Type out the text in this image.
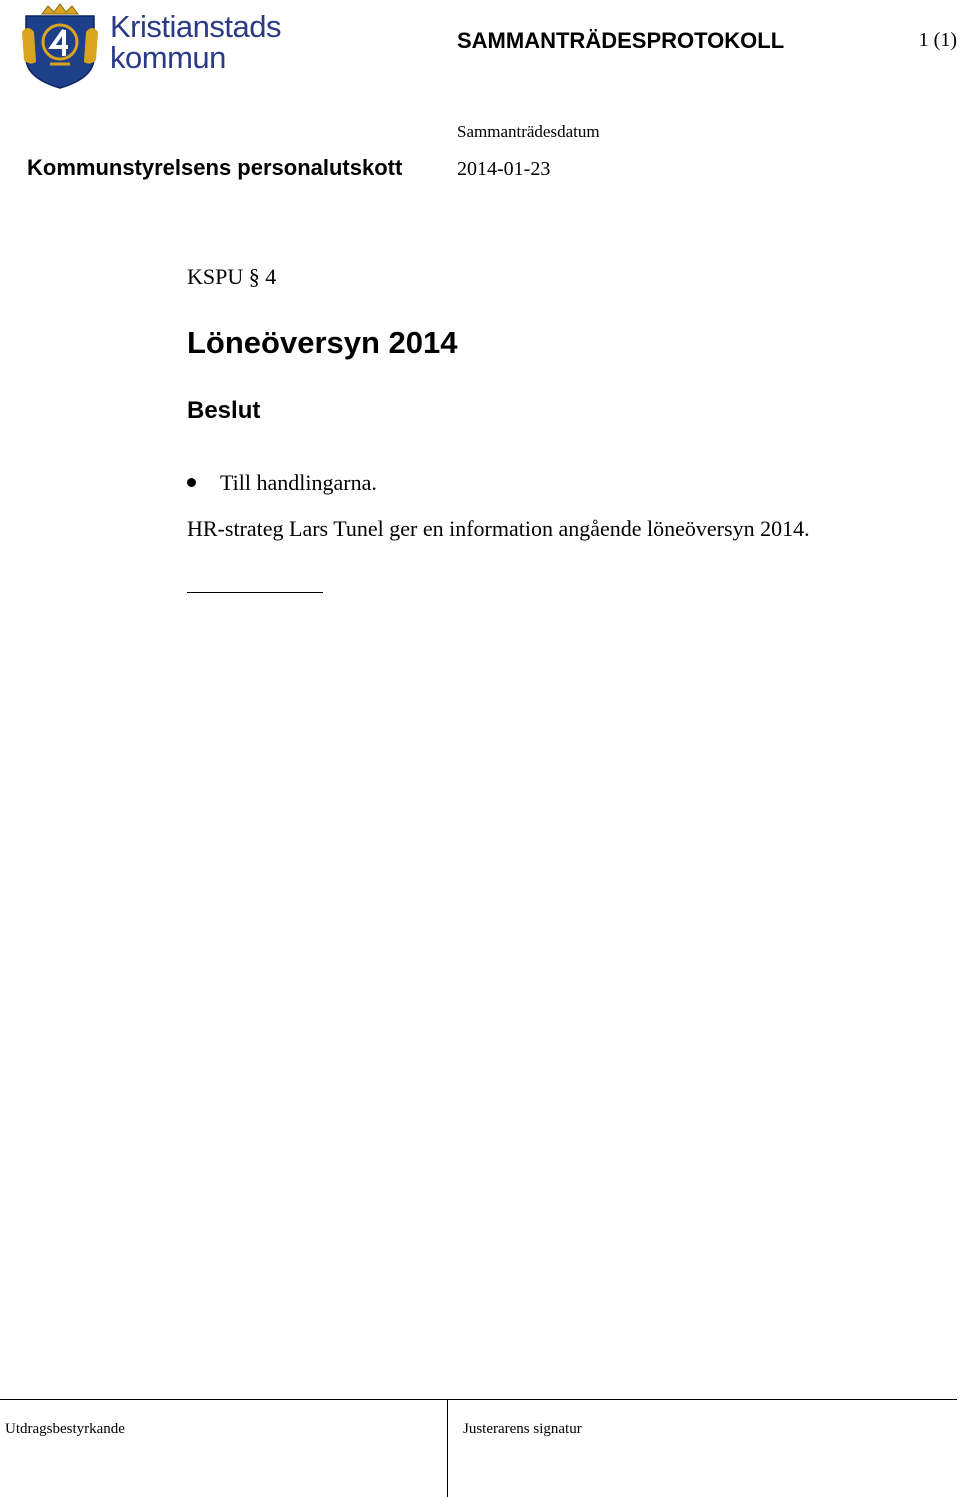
Kristianstads
kommun	SAMMANTRÄDESPROTOKOLL	1 (1)
Sammanträdesdatum
Kommunstyrelsens personalutskott	2014-01-23
KSPU § 4
Löneöversyn 2014
Beslut
Till handlingarna.
HR-strateg Lars Tunel ger en information angående löneöversyn 2014.
Utdragsbestyrkande	Justerarens signatur
